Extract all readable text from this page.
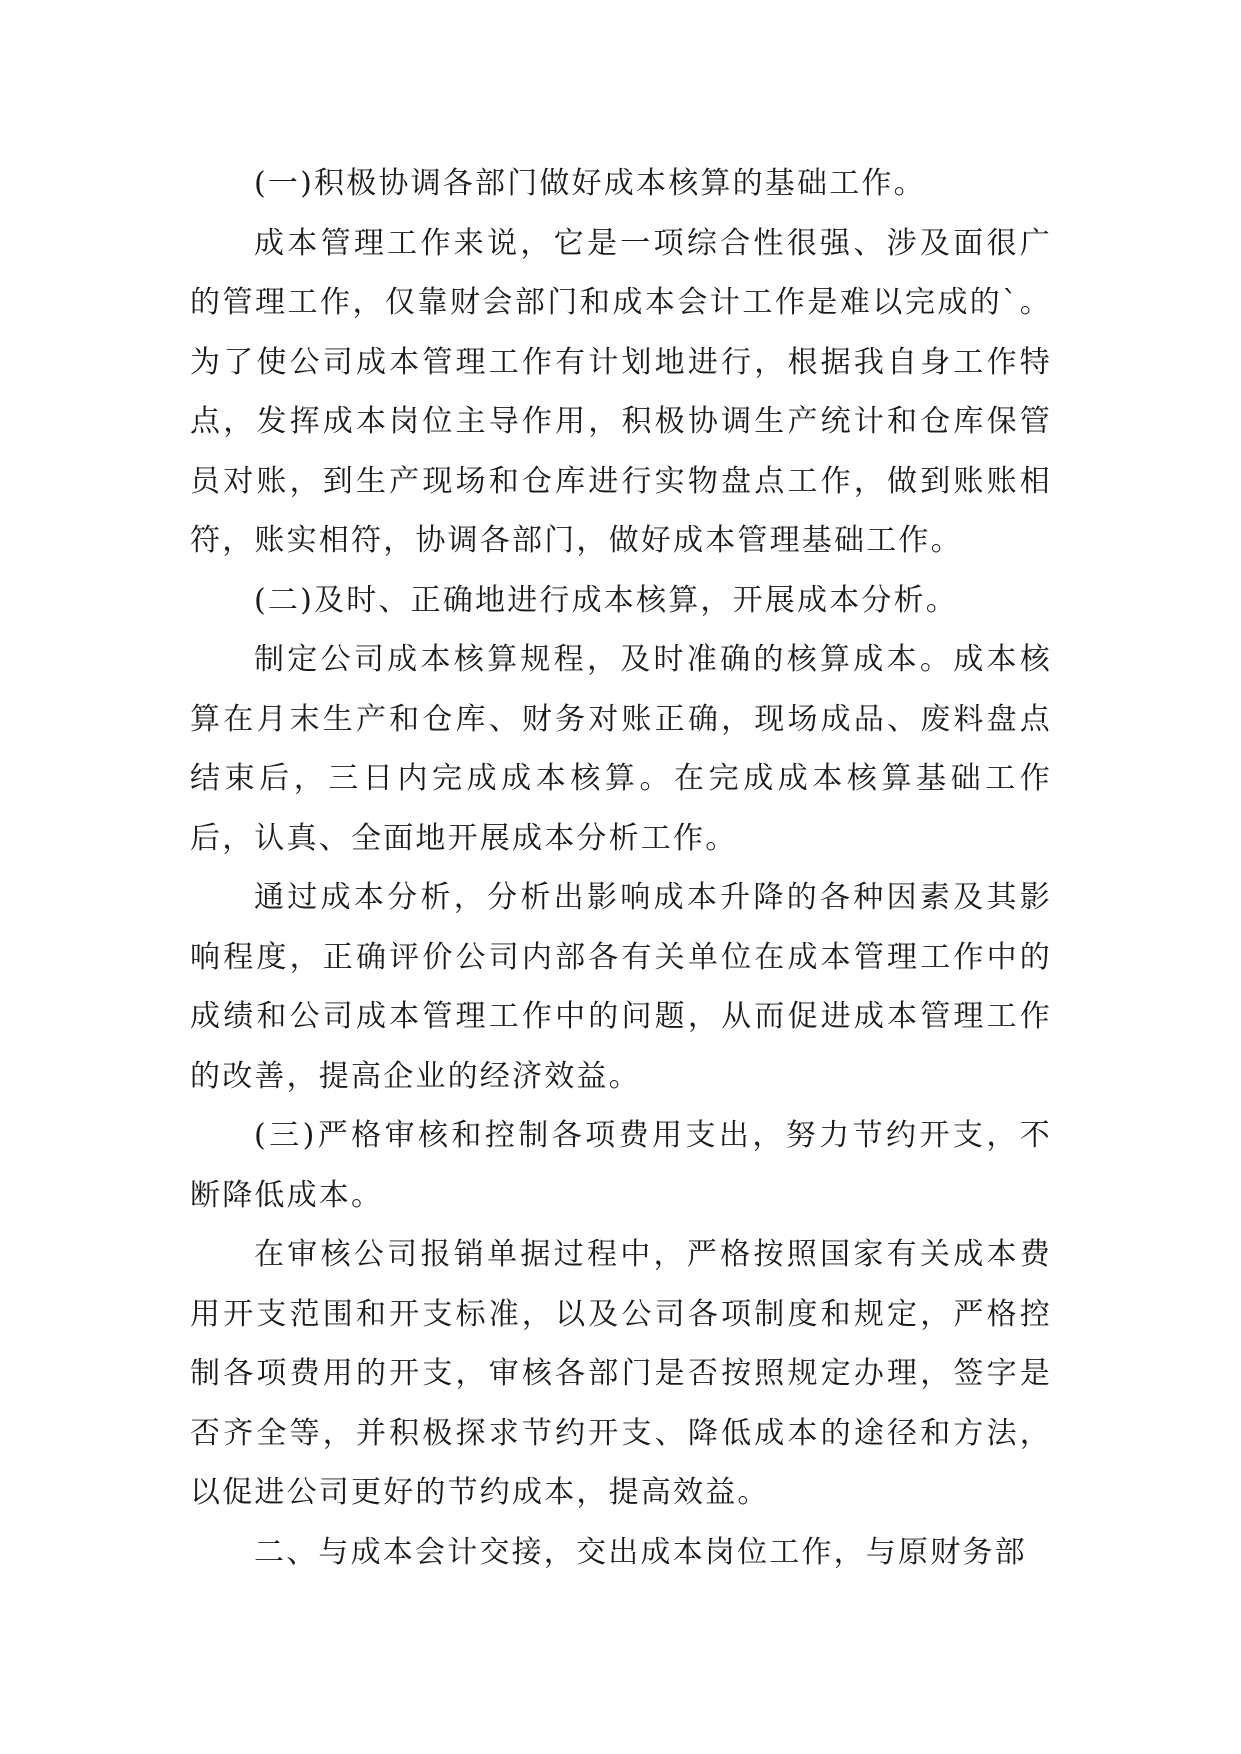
(一)积极协调各部门做好成本核算的基础工作。

成本管理工作来说，它是一项综合性很强、涉及面很广的管理工作，仅靠财会部门和成本会计工作是难以完成的`。为了使公司成本管理工作有计划地进行，根据我自身工作特点，发挥成本岗位主导作用，积极协调生产统计和仓库保管员对账，到生产现场和仓库进行实物盘点工作，做到账账相符，账实相符，协调各部门，做好成本管理基础工作。

(二)及时、正确地进行成本核算，开展成本分析。

制定公司成本核算规程，及时准确的核算成本。成本核算在月末生产和仓库、财务对账正确，现场成品、废料盘点结束后，三日内完成成本核算。在完成成本核算基础工作后，认真、全面地开展成本分析工作。

通过成本分析，分析出影响成本升降的各种因素及其影响程度，正确评价公司内部各有关单位在成本管理工作中的成绩和公司成本管理工作中的问题，从而促进成本管理工作的改善，提高企业的经济效益。

(三)严格审核和控制各项费用支出，努力节约开支，不断降低成本。

在审核公司报销单据过程中，严格按照国家有关成本费用开支范围和开支标准，以及公司各项制度和规定，严格控制各项费用的开支，审核各部门是否按照规定办理，签字是否齐全等，并积极探求节约开支、降低成本的途径和方法，以促进公司更好的节约成本，提高效益。

二、与成本会计交接，交出成本岗位工作，与原财务部
